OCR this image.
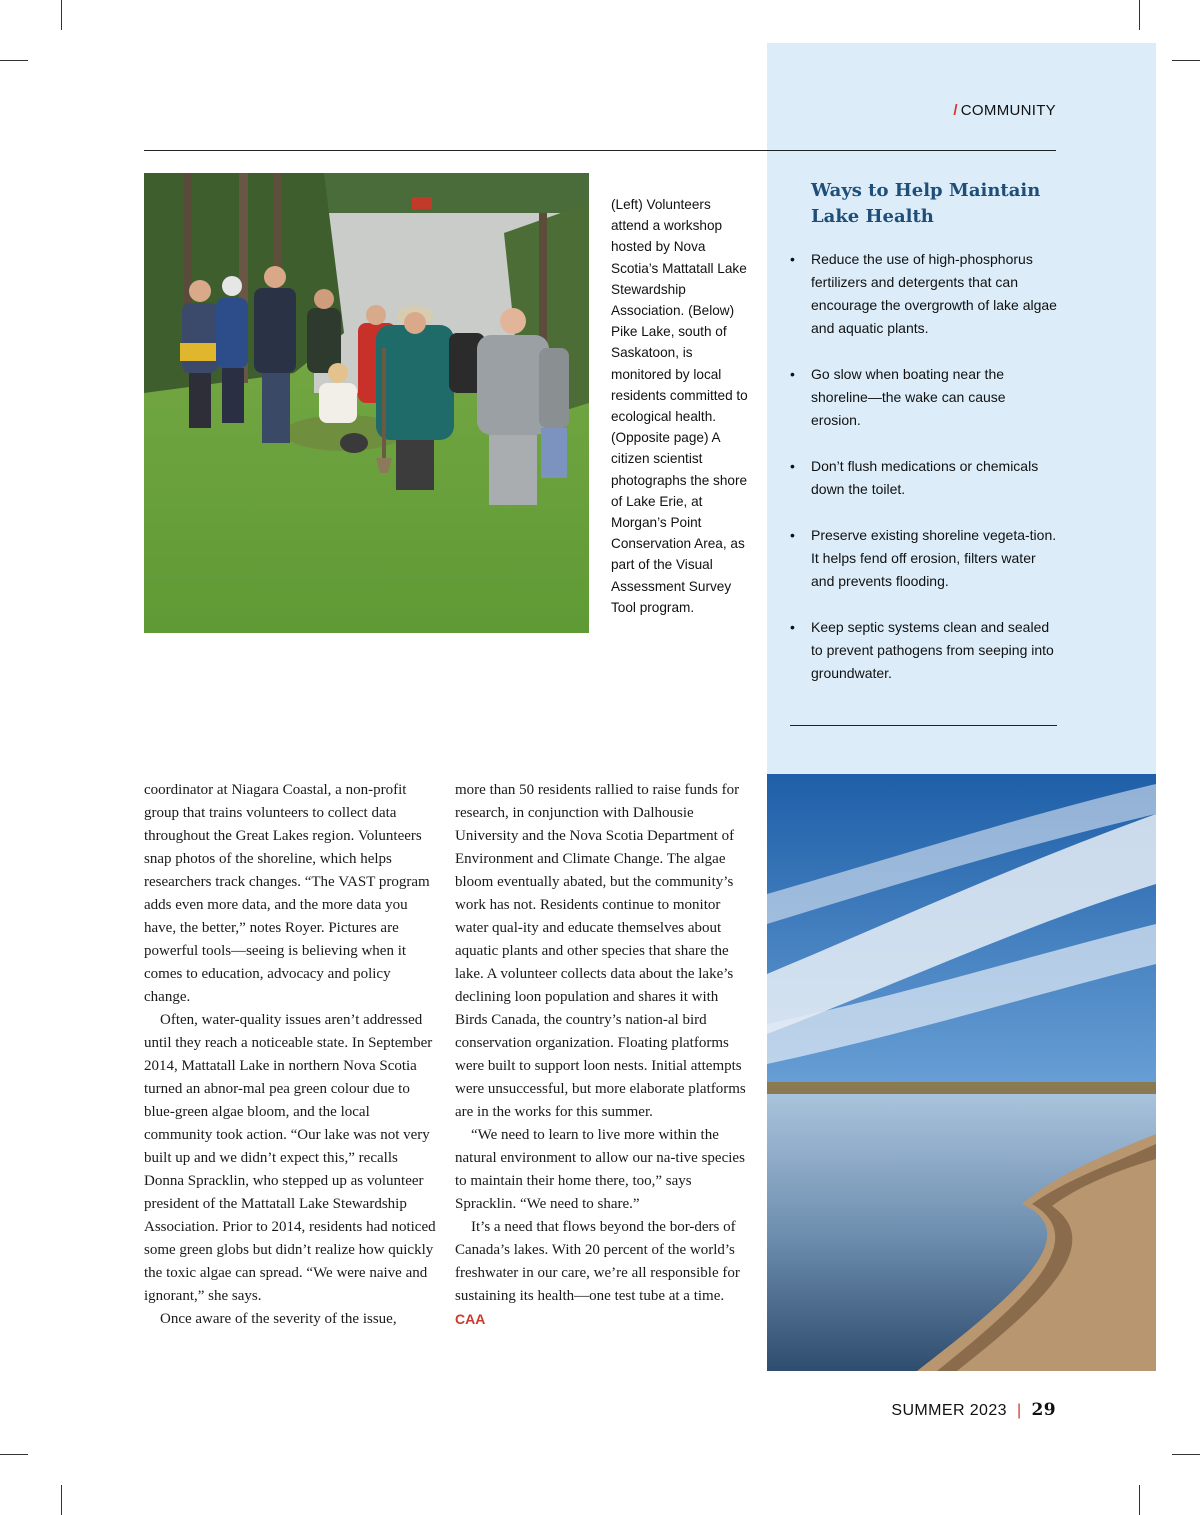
/ COMMUNITY
(Left) Volunteers attend a workshop hosted by Nova Scotia’s Mattatall Lake Stewardship Association. (Below) Pike Lake, south of Saskatoon, is monitored by local residents committed to ecological health. (Opposite page) A citizen scientist photographs the shore of Lake Erie, at Morgan’s Point Conservation Area, as part of the Visual Assessment Survey Tool program.
Ways to Help Maintain Lake Health
• Reduce the use of high-phosphorus fertilizers and detergents that can encourage the overgrowth of lake algae and aquatic plants.
• Go slow when boating near the shoreline—the wake can cause erosion.
• Don’t flush medications or chemicals down the toilet.
• Preserve existing shoreline vegeta-tion. It helps fend off erosion, filters water and prevents flooding.
• Keep septic systems clean and sealed to prevent pathogens from seeping into groundwater.

coordinator at Niagara Coastal, a non-profit group that trains volunteers to collect data throughout the Great Lakes region. Volunteers snap photos of the shoreline, which helps researchers track changes. “The VAST program adds even more data, and the more data you have, the better,” notes Royer. Pictures are powerful tools—seeing is believing when it comes to education, advocacy and policy change.

Often, water-quality issues aren’t addressed until they reach a noticeable state. In September 2014, Mattatall Lake in northern Nova Scotia turned an abnor-mal pea green colour due to blue-green algae bloom, and the local community took action. “Our lake was not very built up and we didn’t expect this,” recalls Donna Spracklin, who stepped up as volunteer president of the Mattatall Lake Stewardship Association. Prior to 2014, residents had noticed some green globs but didn’t realize how quickly the toxic algae can spread. “We were naive and ignorant,” she says.

Once aware of the severity of the issue,

more than 50 residents rallied to raise funds for research, in conjunction with Dalhousie University and the Nova Scotia Department of Environment and Climate Change. The algae bloom eventually abated, but the community’s work has not. Residents continue to monitor water qual-ity and educate themselves about aquatic plants and other species that share the lake. A volunteer collects data about the lake’s declining loon population and shares it with Birds Canada, the country’s nation-al bird conservation organization. Floating platforms were built to support loon nests. Initial attempts were unsuccessful, but more elaborate platforms are in the works for this summer.

“We need to learn to live more within the natural environment to allow our na-tive species to maintain their home there, too,” says Spracklin. “We need to share.”

It’s a need that flows beyond the bor-ders of Canada’s lakes. With 20 percent of the world’s freshwater in our care, we’re all responsible for sustaining its health—one test tube at a time. CAA

SUMMER 2023 | 29
